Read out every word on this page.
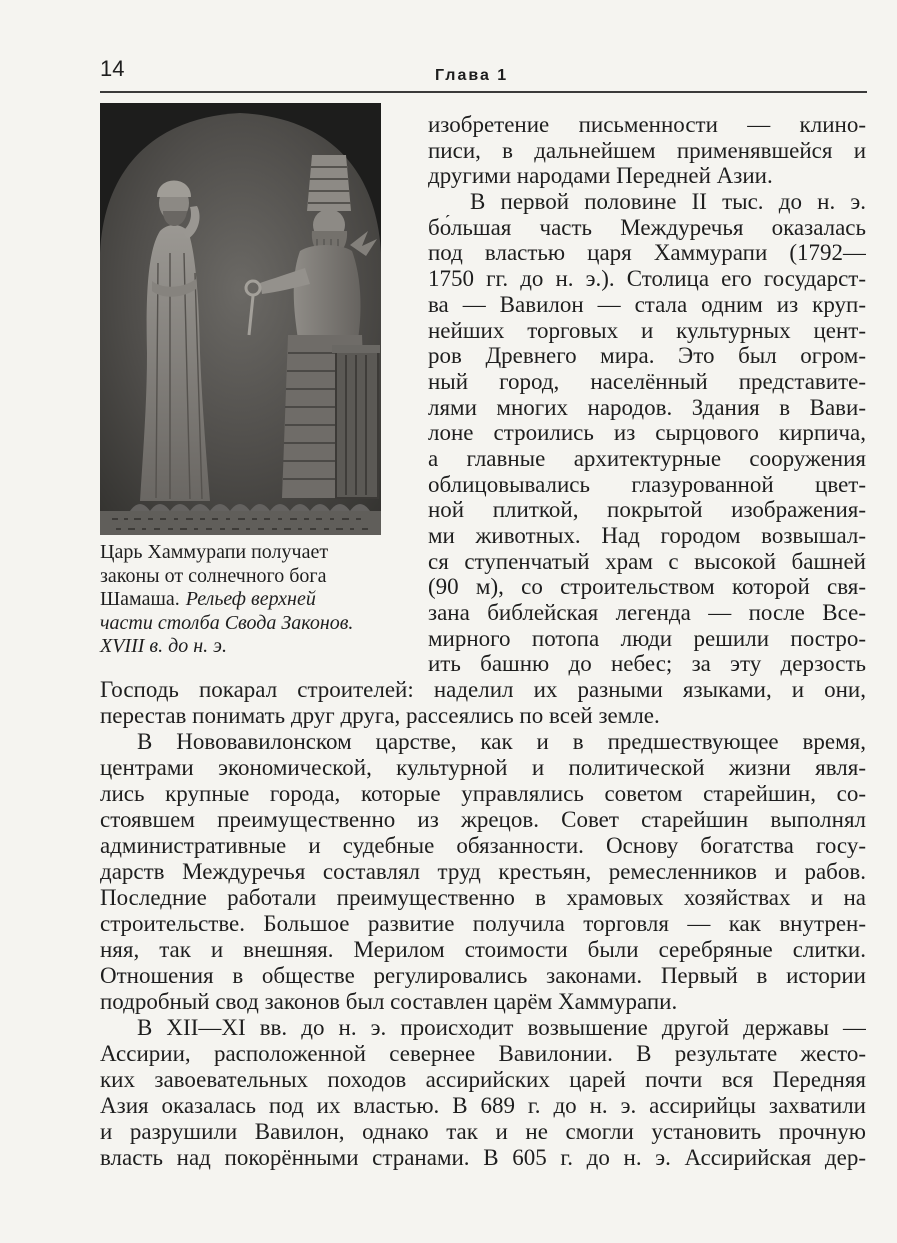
14	Глава 1
Царь Хаммурапи получает
законы от солнечного бога
Шамаша. Рельеф верхней
части столба Свода Законов.
XVIII в. до н. э.
изобретение письменности — клино-
писи, в дальнейшем применявшейся и
другими народами Передней Азии.
В первой половине II тыс. до н. э.
бо́льшая часть Междуречья оказалась
под властью царя Хаммурапи (1792—
1750 гг. до н. э.). Столица его государст-
ва — Вавилон — стала одним из круп-
нейших торговых и культурных цент-
ров Древнего мира. Это был огром-
ный город, населённый представите-
лями многих народов. Здания в Вави-
лоне строились из сырцового кирпича,
а главные архитектурные сооружения
облицовывались глазурованной цвет-
ной плиткой, покрытой изображения-
ми животных. Над городом возвышал-
ся ступенчатый храм с высокой башней
(90 м), со строительством которой свя-
зана библейская легенда — после Все-
мирного потопа люди решили постро-
ить башню до небес; за эту дерзость
Господь покарал строителей: наделил их разными языками, и они,
перестав понимать друг друга, рассеялись по всей земле.
В Нововавилонском царстве, как и в предшествующее время,
центрами экономической, культурной и политической жизни явля-
лись крупные города, которые управлялись советом старейшин, со-
стоявшем преимущественно из жрецов. Совет старейшин выполнял
административные и судебные обязанности. Основу богатства госу-
дарств Междуречья составлял труд крестьян, ремесленников и рабов.
Последние работали преимущественно в храмовых хозяйствах и на
строительстве. Большое развитие получила торговля — как внутрен-
няя, так и внешняя. Мерилом стоимости были серебряные слитки.
Отношения в обществе регулировались законами. Первый в истории
подробный свод законов был составлен царём Хаммурапи.
В XII—XI вв. до н. э. происходит возвышение другой державы —
Ассирии, расположенной севернее Вавилонии. В результате жесто-
ких завоевательных походов ассирийских царей почти вся Передняя
Азия оказалась под их властью. В 689 г. до н. э. ассирийцы захватили
и разрушили Вавилон, однако так и не смогли установить прочную
власть над покорёнными странами. В 605 г. до н. э. Ассирийская дер-
